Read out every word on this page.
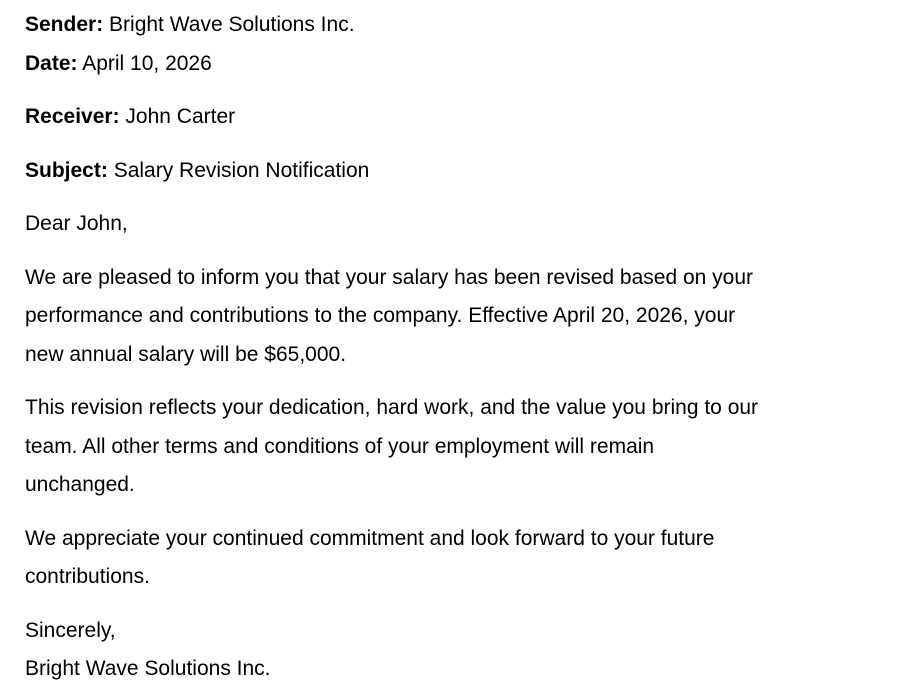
Sender: Bright Wave Solutions Inc.
Date: April 10, 2026
Receiver: John Carter
Subject: Salary Revision Notification
Dear John,
We are pleased to inform you that your salary has been revised based on your
performance and contributions to the company. Effective April 20, 2026, your
new annual salary will be $65,000.
This revision reflects your dedication, hard work, and the value you bring to our
team. All other terms and conditions of your employment will remain
unchanged.
We appreciate your continued commitment and look forward to your future
contributions.
Sincerely,
Bright Wave Solutions Inc.
